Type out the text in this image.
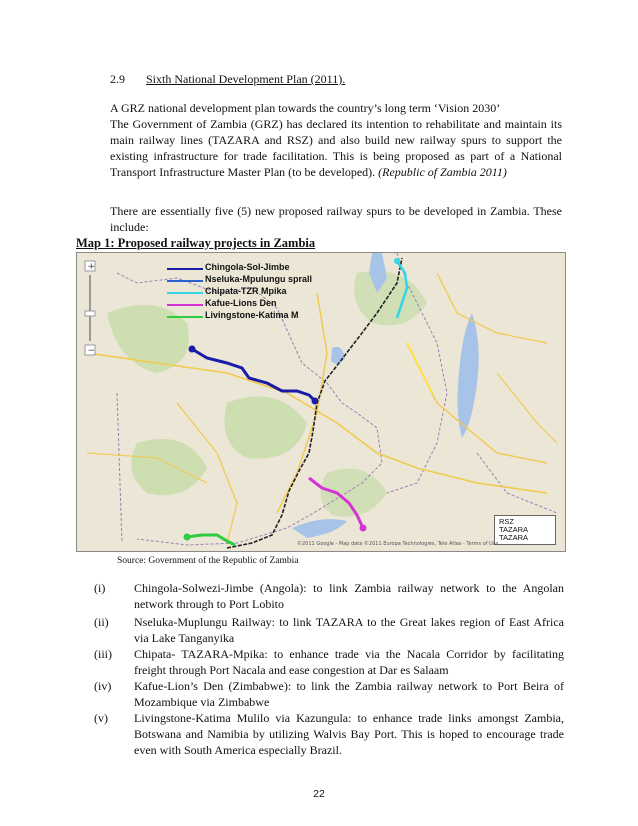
2.9 Sixth National Development Plan (2011).
A GRZ national development plan towards the country’s long term ‘Vision 2030’
The Government of Zambia (GRZ) has declared its intention to rehabilitate and maintain its main railway lines (TAZARA and RSZ) and also build new railway spurs to support the existing infrastructure for trade facilitation. This is being proposed as part of a National Transport Infrastructure Master Plan (to be developed). (Republic of Zambia 2011)
There are essentially five (5) new proposed railway spurs to be developed in Zambia. These include:
Map 1: Proposed railway projects in Zambia
+
−
Chingola-Sol-Jimbe
Nseluka-Mpulungu sprall
Chipata-TZR Mpika
Kafue-Lions Den
Livingstone-Katima M
RSZ
TAZARA
TAZARA
©2011 Google - Map data ©2011 Europa Technologies, Tele Atlas - Terms of Use
Source: Government of the Republic of Zambia
(i)	Chingola-Solwezi-Jimbe (Angola): to link Zambia railway network to the Angolan network through to Port Lobito
(ii)	Nseluka-Muplungu Railway: to link TAZARA to the Great lakes region of East Africa via Lake Tanganyika
(iii)	Chipata- TAZARA-Mpika: to enhance trade via the Nacala Corridor by facilitating freight through Port Nacala and ease congestion at Dar es Salaam
(iv)	Kafue-Lion’s Den (Zimbabwe): to link the Zambia railway network to Port Beira of Mozambique via Zimbabwe
(v)	Livingstone-Katima Mulilo via Kazungula: to enhance trade links amongst Zambia, Botswana and Namibia by utilizing Walvis Bay Port. This is hoped to encourage trade even with South America especially Brazil.
22
